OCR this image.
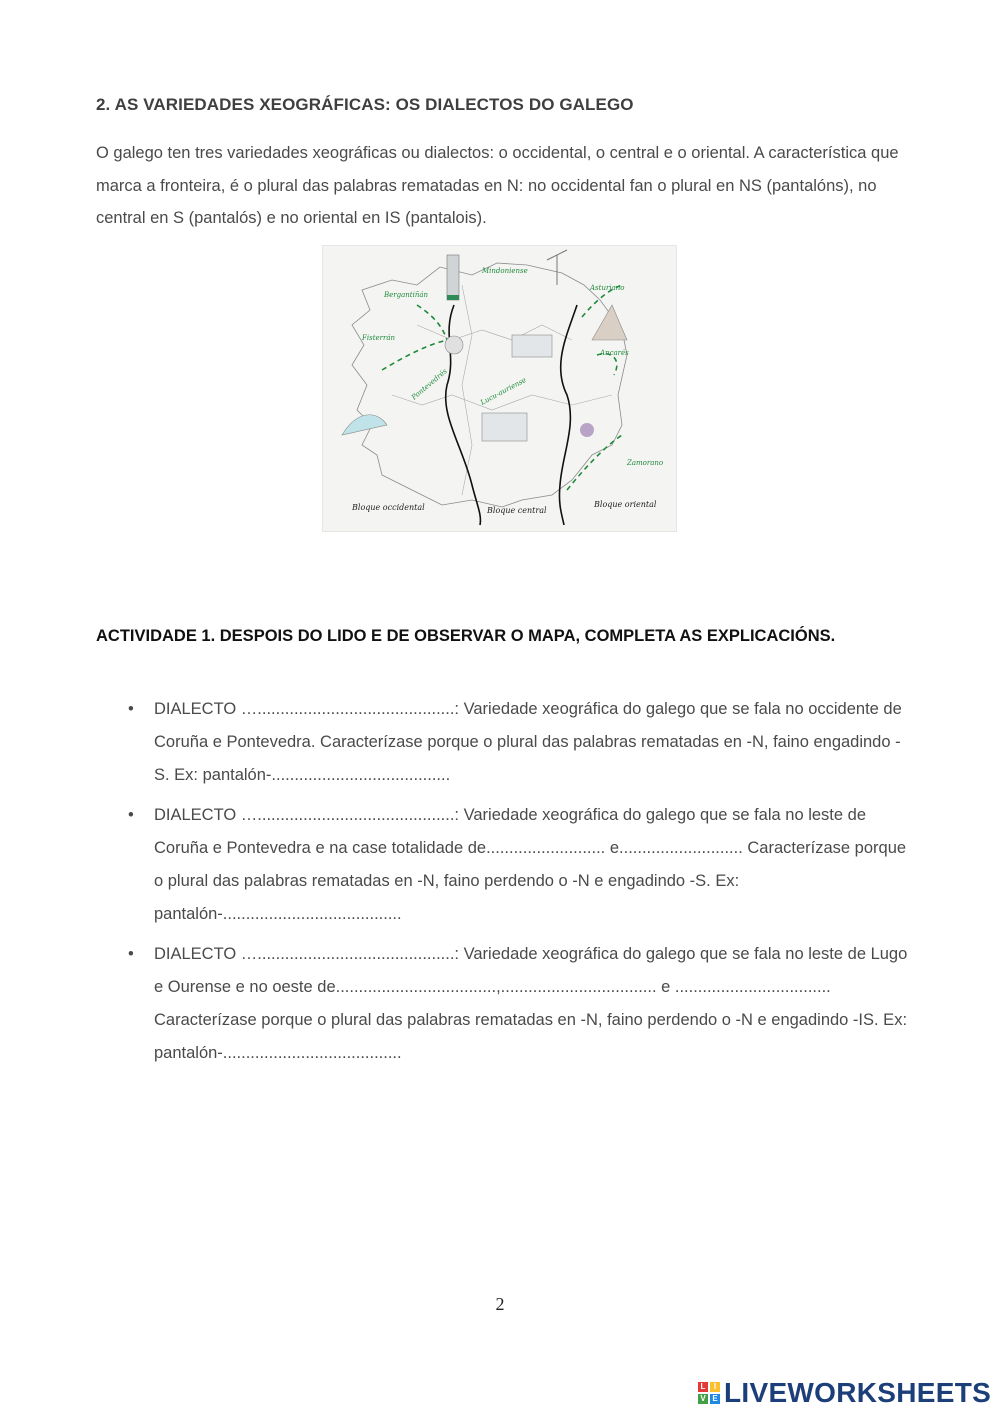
2. AS VARIEDADES XEOGRÁFICAS: OS DIALECTOS DO GALEGO
O galego ten tres variedades xeográficas ou dialectos: o occidental, o central e o oriental. A característica que marca a fronteira, é o plural das palabras rematadas en N: no occidental fan o plural en NS (pantalóns), no central en S (pantalós) e no oriental en IS (pantalois).
Bloque occidental	Bloque central
Bloque oriental
Bergantiñán
Fisterrán
Pontevedrés	Lucu-auriense
Mindoniense
Asturiano
Ancarés
Zamorano
ACTIVIDADE 1. DESPOIS DO LIDO E DE OBSERVAR O MAPA, COMPLETA AS EXPLICACIÓNS.
• DIALECTO …...........................................: Variedade xeográfica do galego que se fala no occidente de Coruña e Pontevedra. Caracterízase porque o plural das palabras rematadas en -N, faino engadindo -S. Ex: pantalón-.......................................
• DIALECTO …...........................................: Variedade xeográfica do galego que se fala no leste de Coruña e Pontevedra e na case totalidade de.......................... e........................... Caracterízase porque o plural das palabras rematadas en -N, faino perdendo o -N e engadindo -S. Ex: pantalón-.......................................
• DIALECTO …...........................................: Variedade xeográfica do galego que se fala no leste de Lugo e Ourense e no oeste de...................................,.................................. e .................................. Caracterízase porque o plural das palabras rematadas en -N, faino perdendo o -N e engadindo -IS. Ex: pantalón-.......................................
2
L	I
V E LIVEWORKSHEETS
